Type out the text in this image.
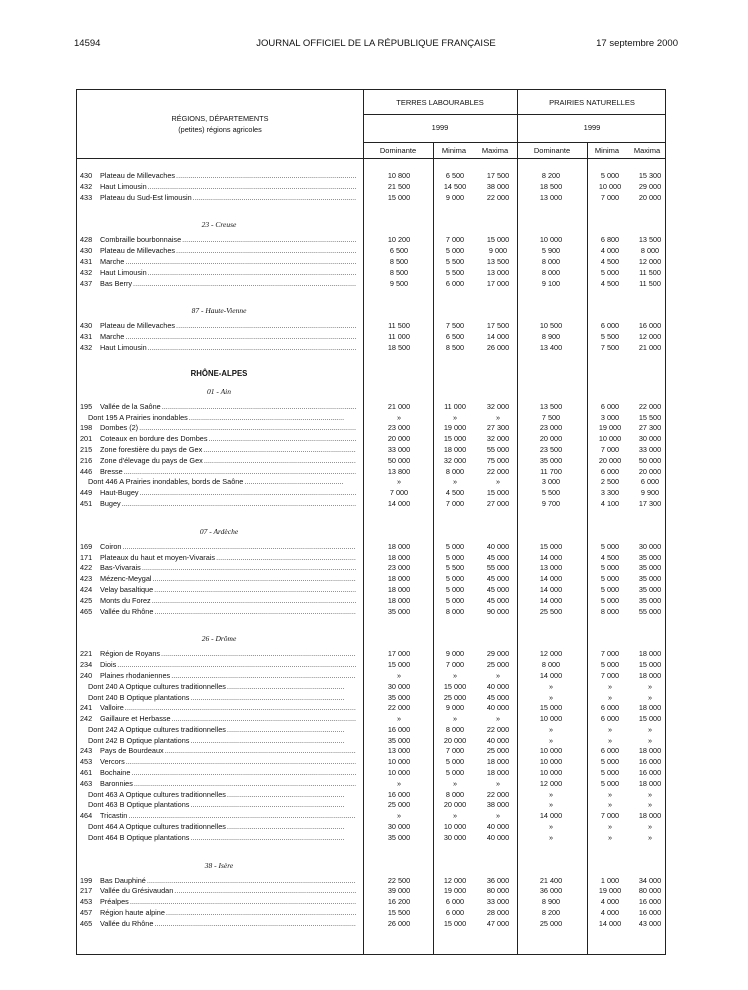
14594	JOURNAL OFFICIEL DE LA RÉPUBLIQUE FRANÇAISE	17 septembre 2000
RÉGIONS, DÉPARTEMENTS
(petites) régions agricoles
TERRES LABOURABLES	PRAIRIES NATURELLES
1999	1999
Dominante	Minima	Maxima	Dominante	Minima	Maxima
430	Plateau de Millevaches .....	10 800	6 500	17 500	8 200	5 000	15 300
432	Haut Limousin .....	21 500	14 500	38 000	18 500	10 000	29 000
433	Plateau du Sud-Est limousin .....	15 000	9 000	22 000	13 000	7 000	20 000
23 - Creuse
428	Combraille bourbonnaise .....	10 200	7 000	15 000	10 000	6 800	13 500
430	Plateau de Millevaches .....	6 500	5 000	9 000	5 900	4 000	8 000
431	Marche .....	8 500	5 500	13 500	8 000	4 500	12 000
432	Haut Limousin .....	8 500	5 500	13 000	8 000	5 000	11 500
437	Bas Berry .....	9 500	6 000	17 000	9 100	4 500	11 500
87 - Haute-Vienne
430	Plateau de Millevaches .....	11 500	7 500	17 500	10 500	6 000	16 000
431	Marche .....	11 000	6 500	14 000	8 900	5 500	12 000
432	Haut Limousin .....	18 500	8 500	26 000	13 400	7 500	21 000
RHÔNE-ALPES
01 - Ain
195	Vallée de la Saône .....	21 000	11 000	32 000	13 500	6 000	22 000
Dont 195 A Prairies inondables .....	»	»	»	7 500	3 000	15 500
198	Dombes (2) .....	23 000	19 000	27 300	23 000	19 000	27 300
201	Coteaux en bordure des Dombes .....	20 000	15 000	32 000	20 000	10 000	30 000
215	Zone forestière du pays de Gex .....	33 000	18 000	55 000	23 500	7 000	33 000
216	Zone d'élevage du pays de Gex .....	50 000	32 000	75 000	35 000	20 000	50 000
446	Bresse .....	13 800	8 000	22 000	11 700	6 000	20 000
Dont 446 A Prairies inondables, bords de Saône .....	»	»	»	3 000	2 500	6 000
449	Haut-Bugey .....	7 000	4 500	15 000	5 500	3 300	9 900
451	Bugey .....	14 000	7 000	27 000	9 700	4 100	17 300
07 - Ardèche
169	Coiron .....	18 000	5 000	40 000	15 000	5 000	30 000
171	Plateaux du haut et moyen-Vivarais .....	18 000	5 000	45 000	14 000	4 500	35 000
422	Bas-Vivarais .....	23 000	5 500	55 000	13 000	5 000	35 000
423	Mézenc-Meygal .....	18 000	5 000	45 000	14 000	5 000	35 000
424	Velay basaltique .....	18 000	5 000	45 000	14 000	5 000	35 000
425	Monts du Forez .....	18 000	5 000	45 000	14 000	5 000	35 000
465	Vallée du Rhône .....	35 000	8 000	90 000	25 500	8 000	55 000
26 - Drôme
221	Région de Royans .....	17 000	9 000	29 000	12 000	7 000	18 000
234	Diois .....	15 000	7 000	25 000	8 000	5 000	15 000
240	Plaines rhodaniennes .....	»	»	»	14 000	7 000	18 000
Dont 240 A Optique cultures traditionnelles .....	30 000	15 000	40 000	»	»	»
Dont 240 B Optique plantations .....	35 000	25 000	45 000	»	»	»
241	Valloire .....	22 000	9 000	40 000	15 000	6 000	18 000
242	Gaillaure et Herbasse .....	»	»	»	10 000	6 000	15 000
Dont 242 A Optique cultures traditionnelles .....	16 000	8 000	22 000	»	»	»
Dont 242 B Optique plantations .....	35 000	20 000	40 000	»	»	»
243	Pays de Bourdeaux .....	13 000	7 000	25 000	10 000	6 000	18 000
453	Vercors .....	10 000	5 000	18 000	10 000	5 000	16 000
461	Bochaine .....	10 000	5 000	18 000	10 000	5 000	16 000
463	Baronnies .....	»	»	»	12 000	5 000	18 000
Dont 463 A Optique cultures traditionnelles .....	16 000	8 000	22 000	»	»	»
Dont 463 B Optique plantations .....	25 000	20 000	38 000	»	»	»
464	Tricastin .....	»	»	»	14 000	7 000	18 000
Dont 464 A Optique cultures traditionnelles .....	30 000	10 000	40 000	»	»	»
Dont 464 B Optique plantations .....	35 000	30 000	40 000	»	»	»
38 - Isère
199	Bas Dauphiné .....	22 500	12 000	36 000	21 400	1 000	34 000
217	Vallée du Grésivaudan .....	39 000	19 000	80 000	36 000	19 000	80 000
453	Préalpes .....	16 200	6 000	33 000	8 900	4 000	16 000
457	Région haute alpine .....	15 500	6 000	28 000	8 200	4 000	16 000
465	Vallée du Rhône .....	26 000	15 000	47 000	25 000	14 000	43 000
